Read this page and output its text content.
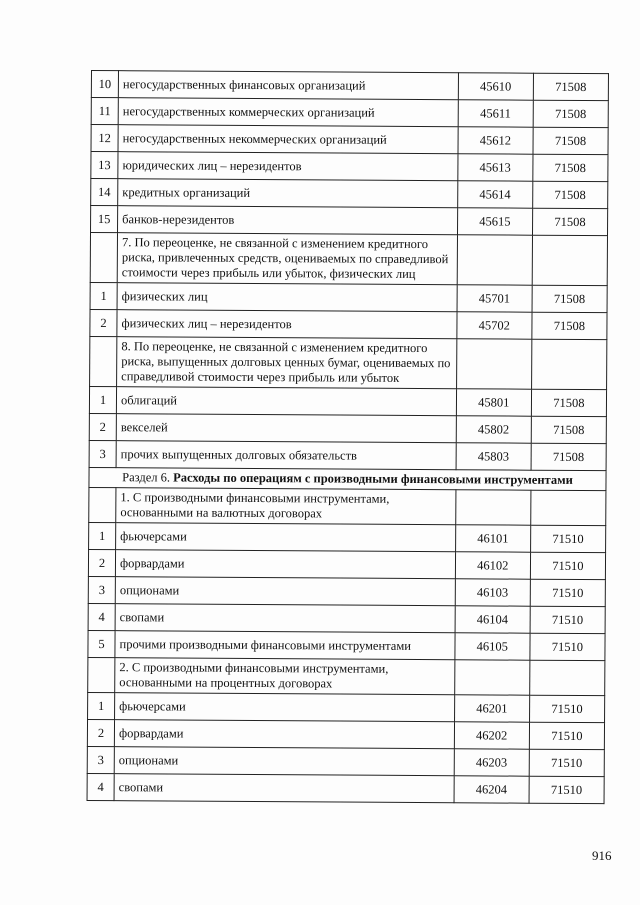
10	негосударственных финансовых организаций	45610	71508
11	негосударственных коммерческих организаций	45611	71508
12	негосударственных некоммерческих организаций	45612	71508
13	юридических лиц – нерезидентов	45613	71508
14	кредитных организаций	45614	71508
15	банков-нерезидентов	45615	71508
	7. По переоценке, не связанной с изменением кредитного риска, привлеченных средств, оцениваемых по справедливой стоимости через прибыль или убыток, физических лиц		
1	физических лиц	45701	71508
2	физических лиц – нерезидентов	45702	71508
	8. По переоценке, не связанной с изменением кредитного риска, выпущенных долговых ценных бумаг, оцениваемых по справедливой стоимости через прибыль или убыток		
1	облигаций	45801	71508
2	векселей	45802	71508
3	прочих выпущенных долговых обязательств	45803	71508
Раздел 6. Расходы по операциям с производными финансовыми инструментами			
	1. С производными финансовыми инструментами, основанными на валютных договорах		
1	фьючерсами	46101	71510
2	форвардами	46102	71510
3	опционами	46103	71510
4	свопами	46104	71510
5	прочими производными финансовыми инструментами	46105	71510
	2. С производными финансовыми инструментами, основанными на процентных договорах		
1	фьючерсами	46201	71510
2	форвардами	46202	71510
3	опционами	46203	71510
4	свопами	46204	71510
916
